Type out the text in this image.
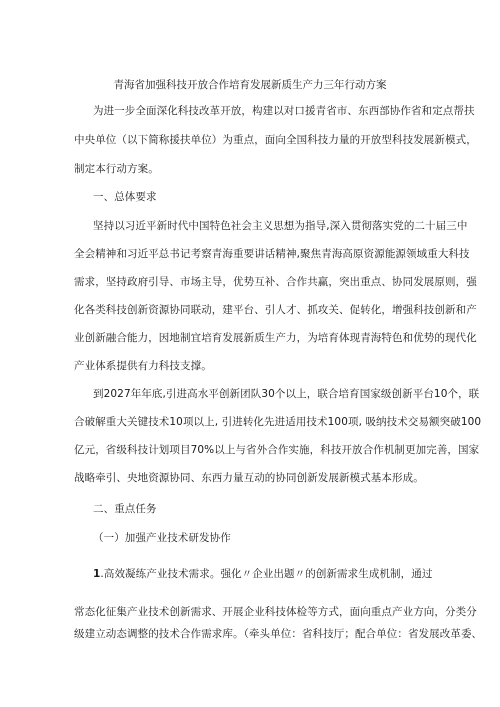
青海省加强科技开放合作培育发展新质生产力三年行动方案
为进一步全面深化科技改革开放，构建以对口援青省市、东西部协作省和定点帮扶
中央单位（以下简称援扶单位）为重点，面向全国科技力量的开放型科技发展新模式，
制定本行动方案。
一、总体要求
坚持以习近平新时代中国特色社会主义思想为指导,深入贯彻落实党的二十届三中
全会精神和习近平总书记考察青海重要讲话精神,聚焦青海高原资源能源领域重大科技
需求，坚持政府引导、市场主导，优势互补、合作共赢，突出重点、协同发展原则，强
化各类科技创新资源协同联动，建平台、引人才、抓攻关、促转化，增强科技创新和产
业创新融合能力，因地制宜培育发展新质生产力，为培育体现青海特色和优势的现代化
产业体系提供有力科技支撑。
到2027年年底,引进高水平创新团队30个以上，联合培育国家级创新平台10个，联
合破解重大关键技术10项以上, 引进转化先进适用技术100项, 吸纳技术交易额突破100
亿元，省级科技计划项目70%以上与省外合作实施，科技开放合作机制更加完善，国家
战略牵引、央地资源协同、东西力量互动的协同创新发展新模式基本形成。
二、重点任务
（一）加强产业技术研发协作
1.高效凝练产业技术需求。强化〃企业出题〃的创新需求生成机制，通过
常态化征集产业技术创新需求、开展企业科技体检等方式，面向重点产业方向，分类分
级建立动态调整的技术合作需求库。（牵头单位：省科技厅；配合单位：省发展改革委、
